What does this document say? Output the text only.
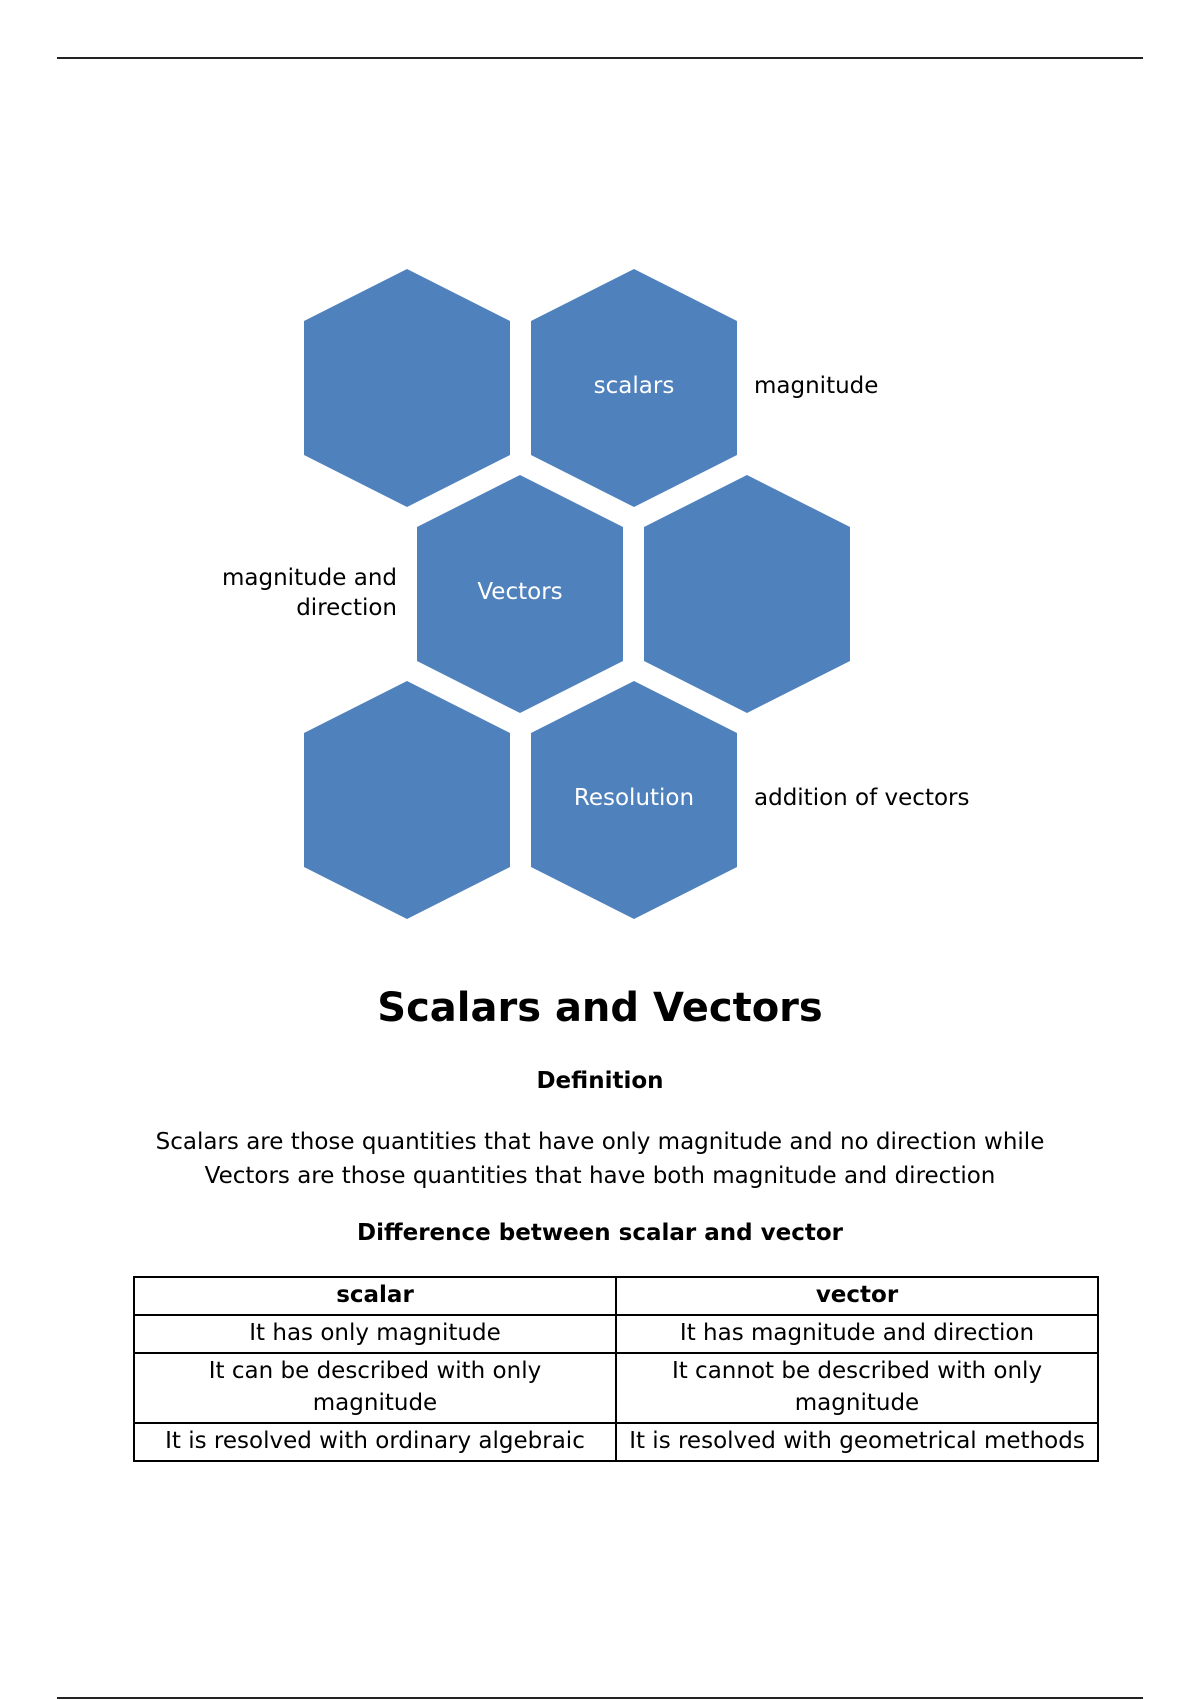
scalars
Vectors
Resolution
magnitude
magnitude and
direction
addition of vectors
Scalars and Vectors
Definition

Scalars are those quantities that have only magnitude and no direction while
Vectors are those quantities that have both magnitude and direction

Difference between scalar and vector
scalar	vector
It has only magnitude	It has magnitude and direction
It can be described with only magnitude	It cannot be described with only magnitude
It is resolved with ordinary algebraic	It is resolved with geometrical methods
